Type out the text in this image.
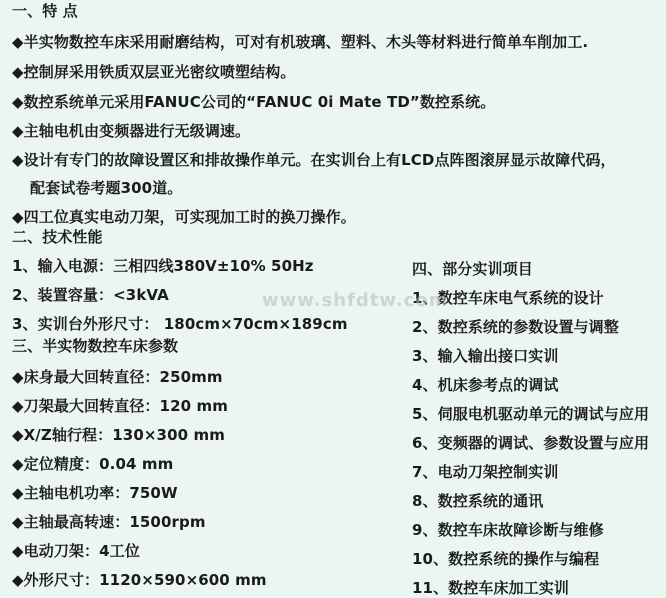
一、特 点
◆半实物数控车床采用耐磨结构，可对有机玻璃、塑料、木头等材料进行简单车削加工.
◆控制屏采用铁质双层亚光密纹喷塑结构。
◆数控系统单元采用FANUC公司的“FANUC 0i Mate TD”数控系统。
◆主轴电机由变频器进行无级调速。
◆设计有专门的故障设置区和排故操作单元。在实训台上有LCD点阵图滚屏显示故障代码，
配套试卷考题300道。
◆四工位真实电动刀架，可实现加工时的换刀操作。
二、技术性能
1、输入电源：三相四线380V±10% 50Hz
2、装置容量：<3kVA
3、实训台外形尺寸： 180cm×70cm×189cm
三、半实物数控车床参数
◆床身最大回转直径：250mm
◆刀架最大回转直径：120 mm
◆X/Z轴行程：130×300 mm
◆定位精度：0.04 mm
◆主轴电机功率：750W
◆主轴最高转速：1500rpm
◆电动刀架：4工位
◆外形尺寸：1120×590×600 mm
四、部分实训项目
1、数控车床电气系统的设计
2、数控系统的参数设置与调整
3、输入输出接口实训
4、机床参考点的调试
5、伺服电机驱动单元的调试与应用
6、变频器的调试、参数设置与应用
7、电动刀架控制实训
8、数控系统的通讯
9、数控车床故障诊断与维修
10、数控系统的操作与编程
11、数控车床加工实训
www.shfdtw.com
